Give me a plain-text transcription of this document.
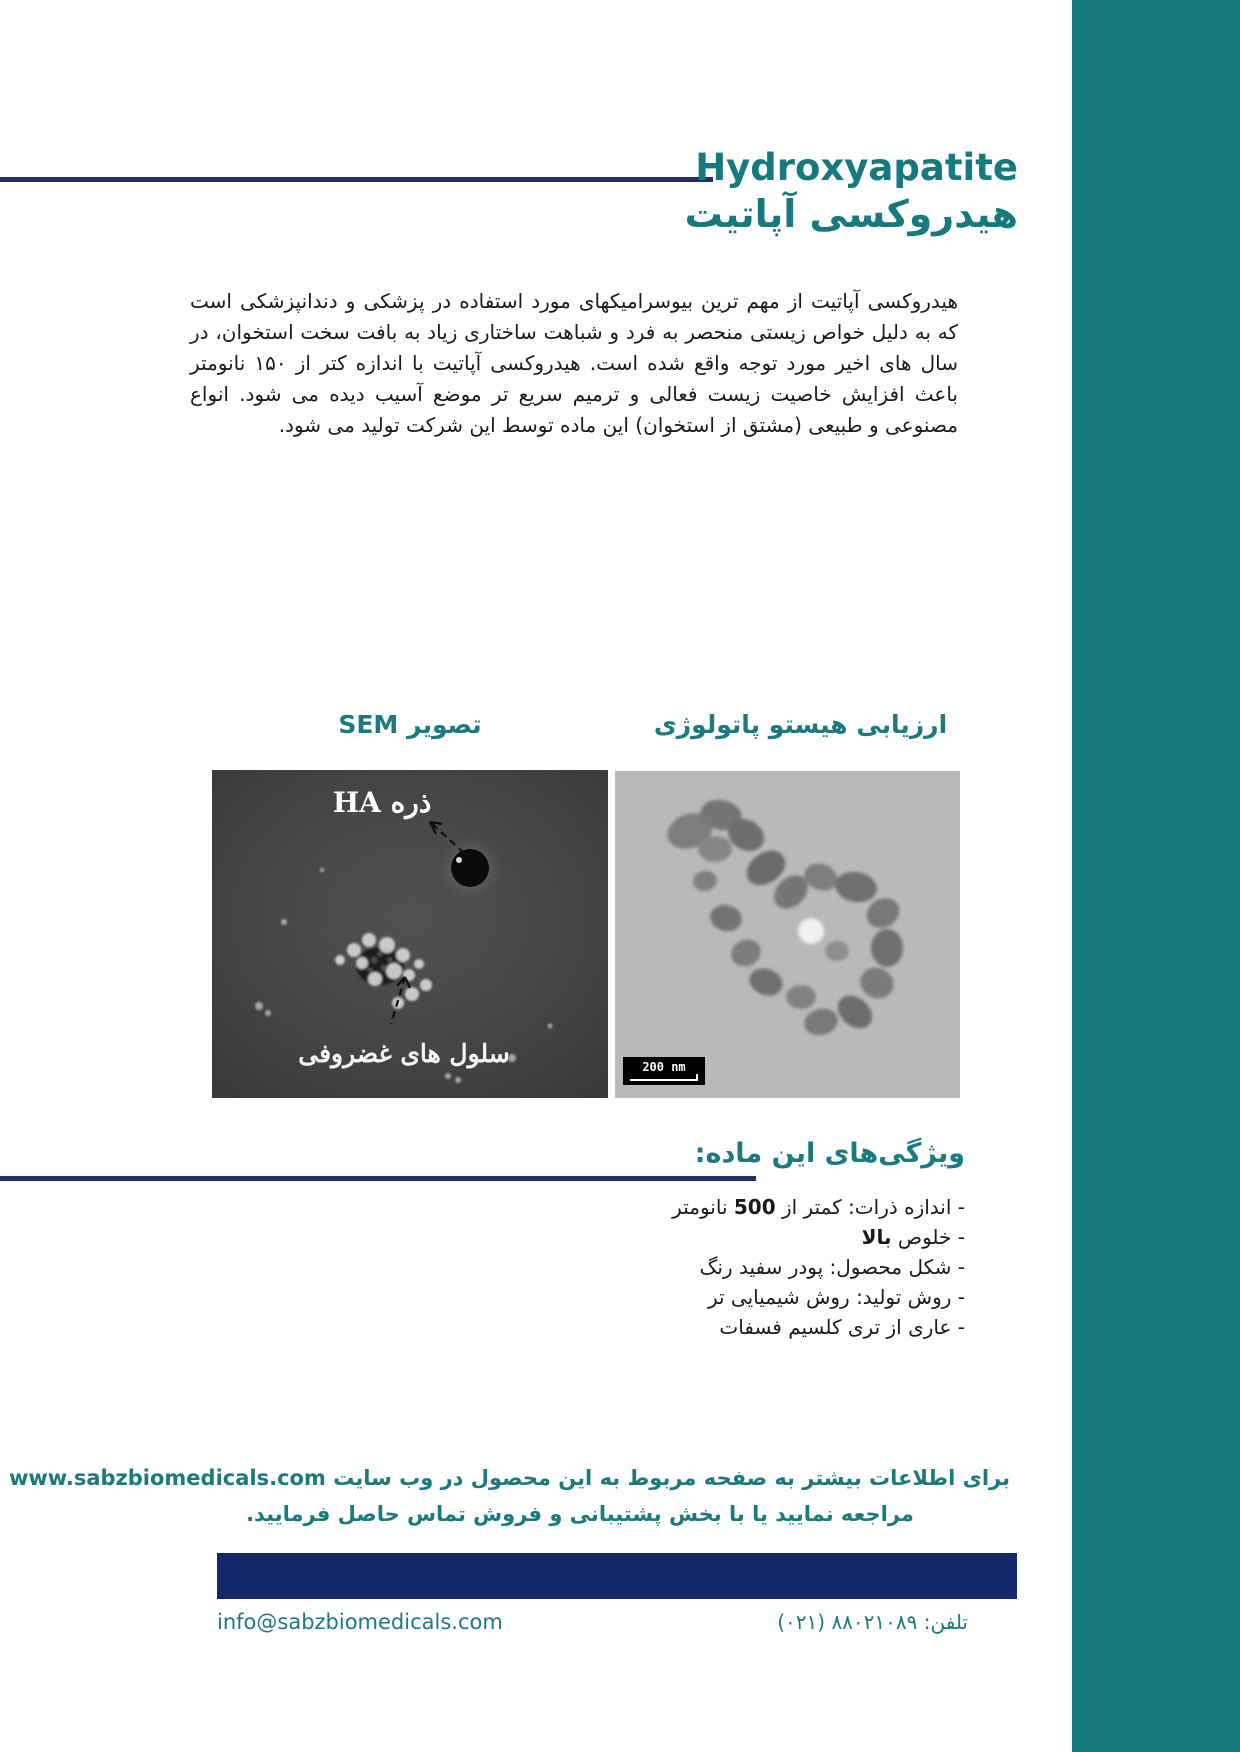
Hydroxyapatite
هیدروکسی آپاتیت
هیدروکسی آپاتیت از مهم ترین بیوسرامیکهای مورد استفاده در پزشکی و دندانپزشکی است که به دلیل خواص زیستی منحصر به فرد و شباهت ساختاری زیاد به بافت سخت استخوان، در سال های اخیر مورد توجه واقع شده است. هیدروکسی آپاتیت با اندازه کتر از ۱۵۰ نانومتر باعث افزایش خاصیت زیست فعالی و ترمیم سریع تر موضع آسیب دیده می شود. انواع مصنوعی و طبیعی (مشتق از استخوان) این ماده توسط این شرکت تولید می شود.
تصویر SEM	ارزیابی هیستو پاتولوژی
ذره HA
سلول های غضروفی	200 nm
ویژگی‌های این ماده:
- اندازه ذرات: کمتر از 500 نانومتر
- خلوص بالا
- شکل محصول: پودر سفید رنگ
- روش تولید: روش شیمیایی تر
- عاری از تری کلسیم فسفات
برای اطلاعات بیشتر به صفحه مربوط به این محصول در وب سایت www.sabzbiomedicals.com
مراجعه نمایید یا با بخش پشتیبانی و فروش تماس حاصل فرمایید.
info@sabzbiomedicals.com	تلفن: ۸۸۰۲۱۰۸۹ (۰۲۱)
